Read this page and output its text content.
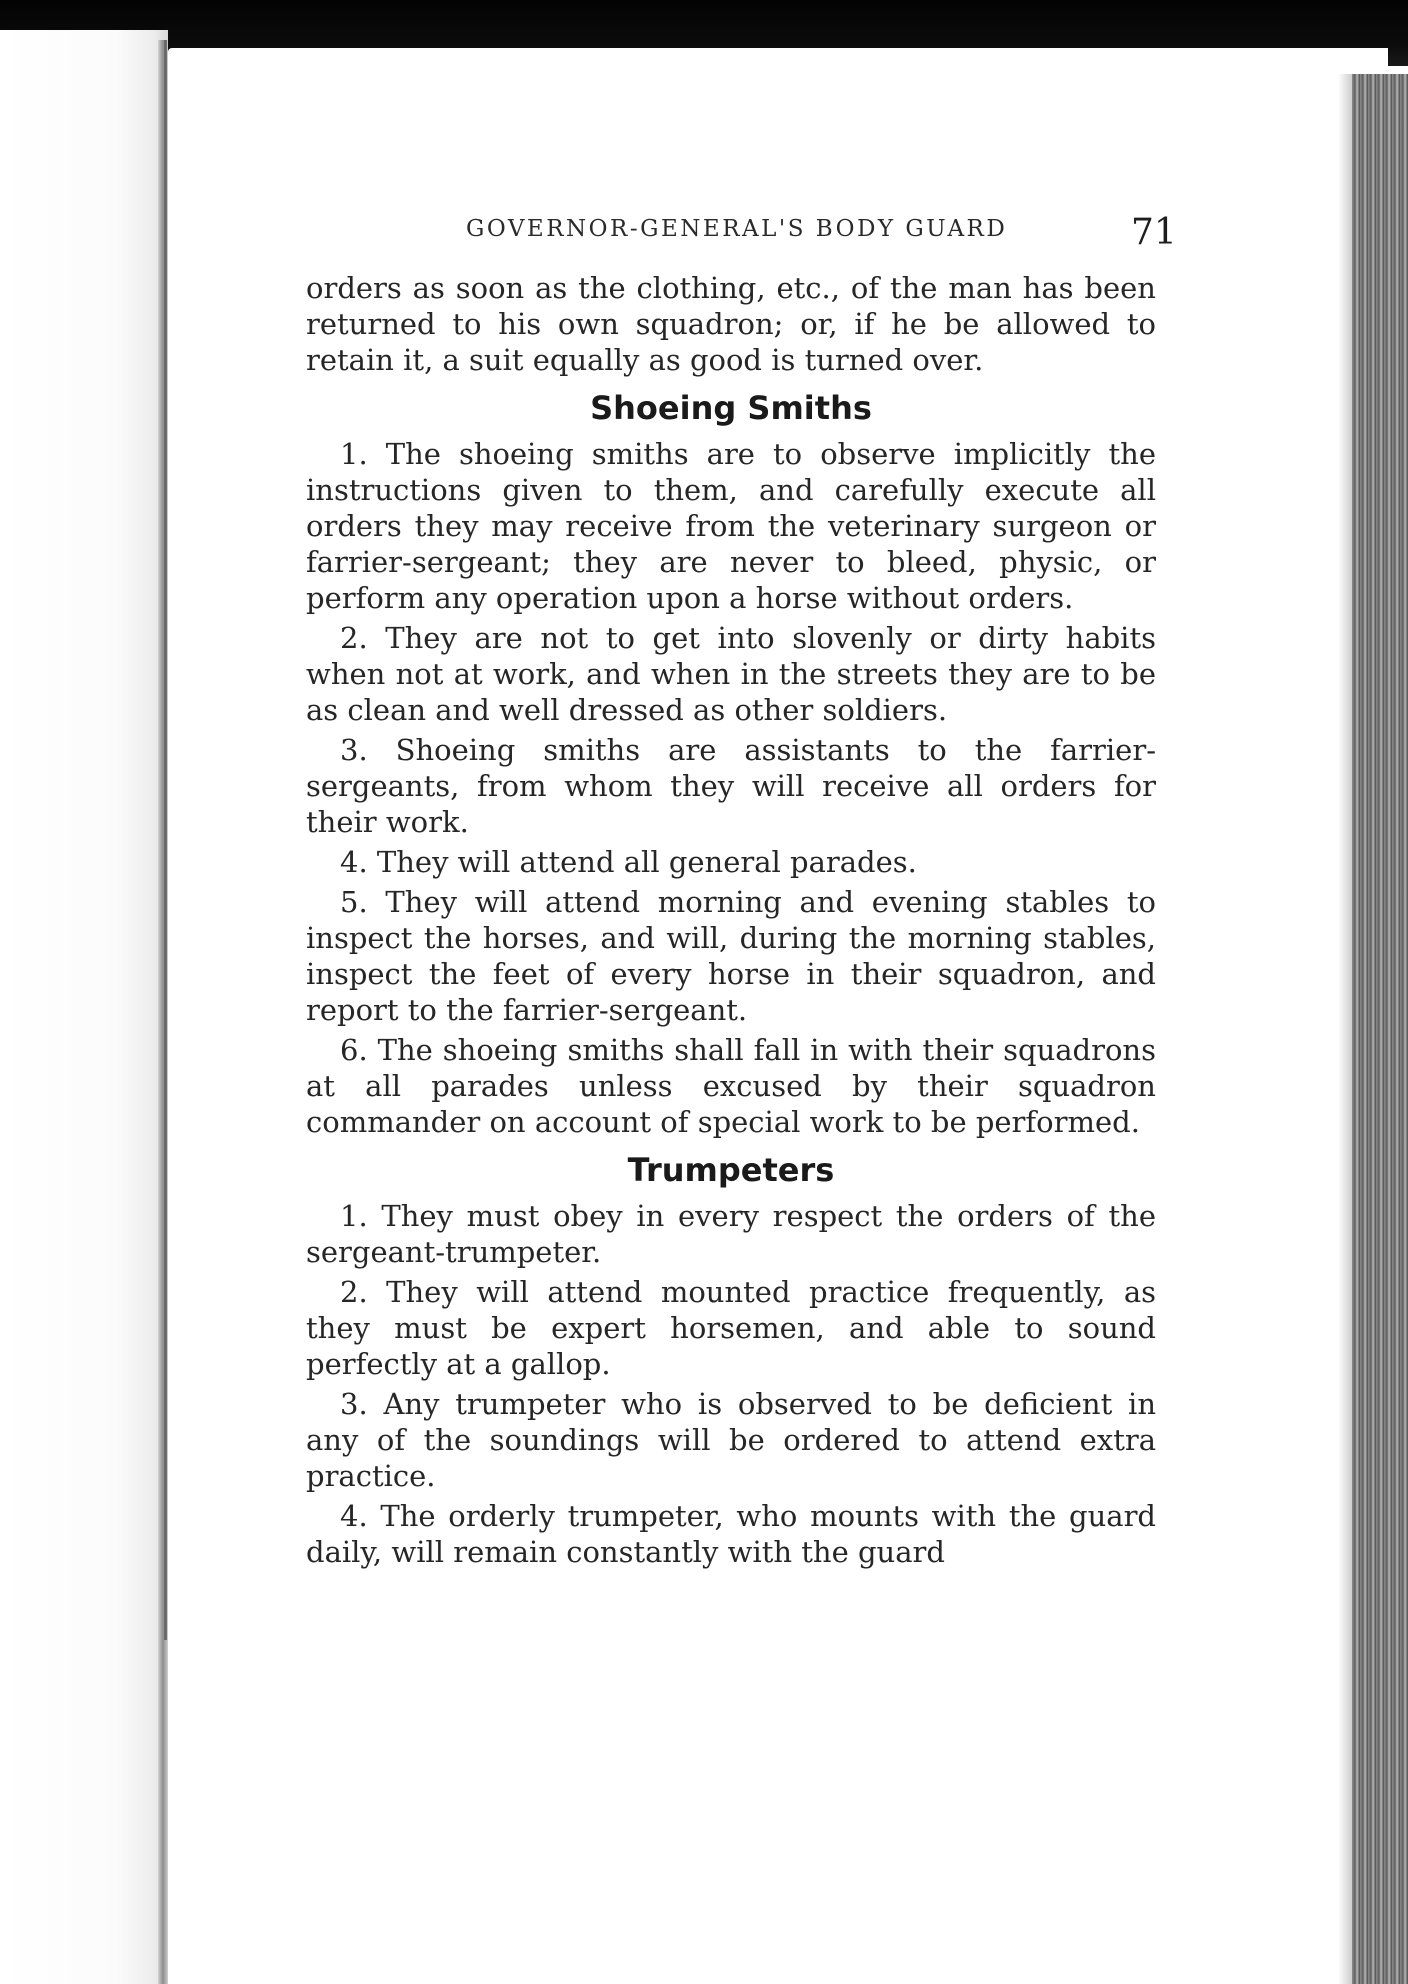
GOVERNOR-GENERAL'S BODY GUARD	71

orders as soon as the clothing, etc., of the man has been returned to his own squadron; or, if he be allowed to retain it, a suit equally as good is turned over.

Shoeing Smiths

1. The shoeing smiths are to observe implicitly the instructions given to them, and carefully execute all orders they may receive from the veterinary surgeon or farrier-sergeant; they are never to bleed, physic, or perform any operation upon a horse without orders.

2. They are not to get into slovenly or dirty habits when not at work, and when in the streets they are to be as clean and well dressed as other soldiers.

3. Shoeing smiths are assistants to the farrier-sergeants, from whom they will receive all orders for their work.

4. They will attend all general parades.

5. They will attend morning and evening stables to inspect the horses, and will, during the morning stables, inspect the feet of every horse in their squadron, and report to the farrier-sergeant.

6. The shoeing smiths shall fall in with their squadrons at all parades unless excused by their squadron commander on account of special work to be performed.

Trumpeters

1. They must obey in every respect the orders of the sergeant-trumpeter.

2. They will attend mounted practice frequently, as they must be expert horsemen, and able to sound perfectly at a gallop.

3. Any trumpeter who is observed to be deficient in any of the soundings will be ordered to attend extra practice.

4. The orderly trumpeter, who mounts with the guard daily, will remain constantly with the guard
